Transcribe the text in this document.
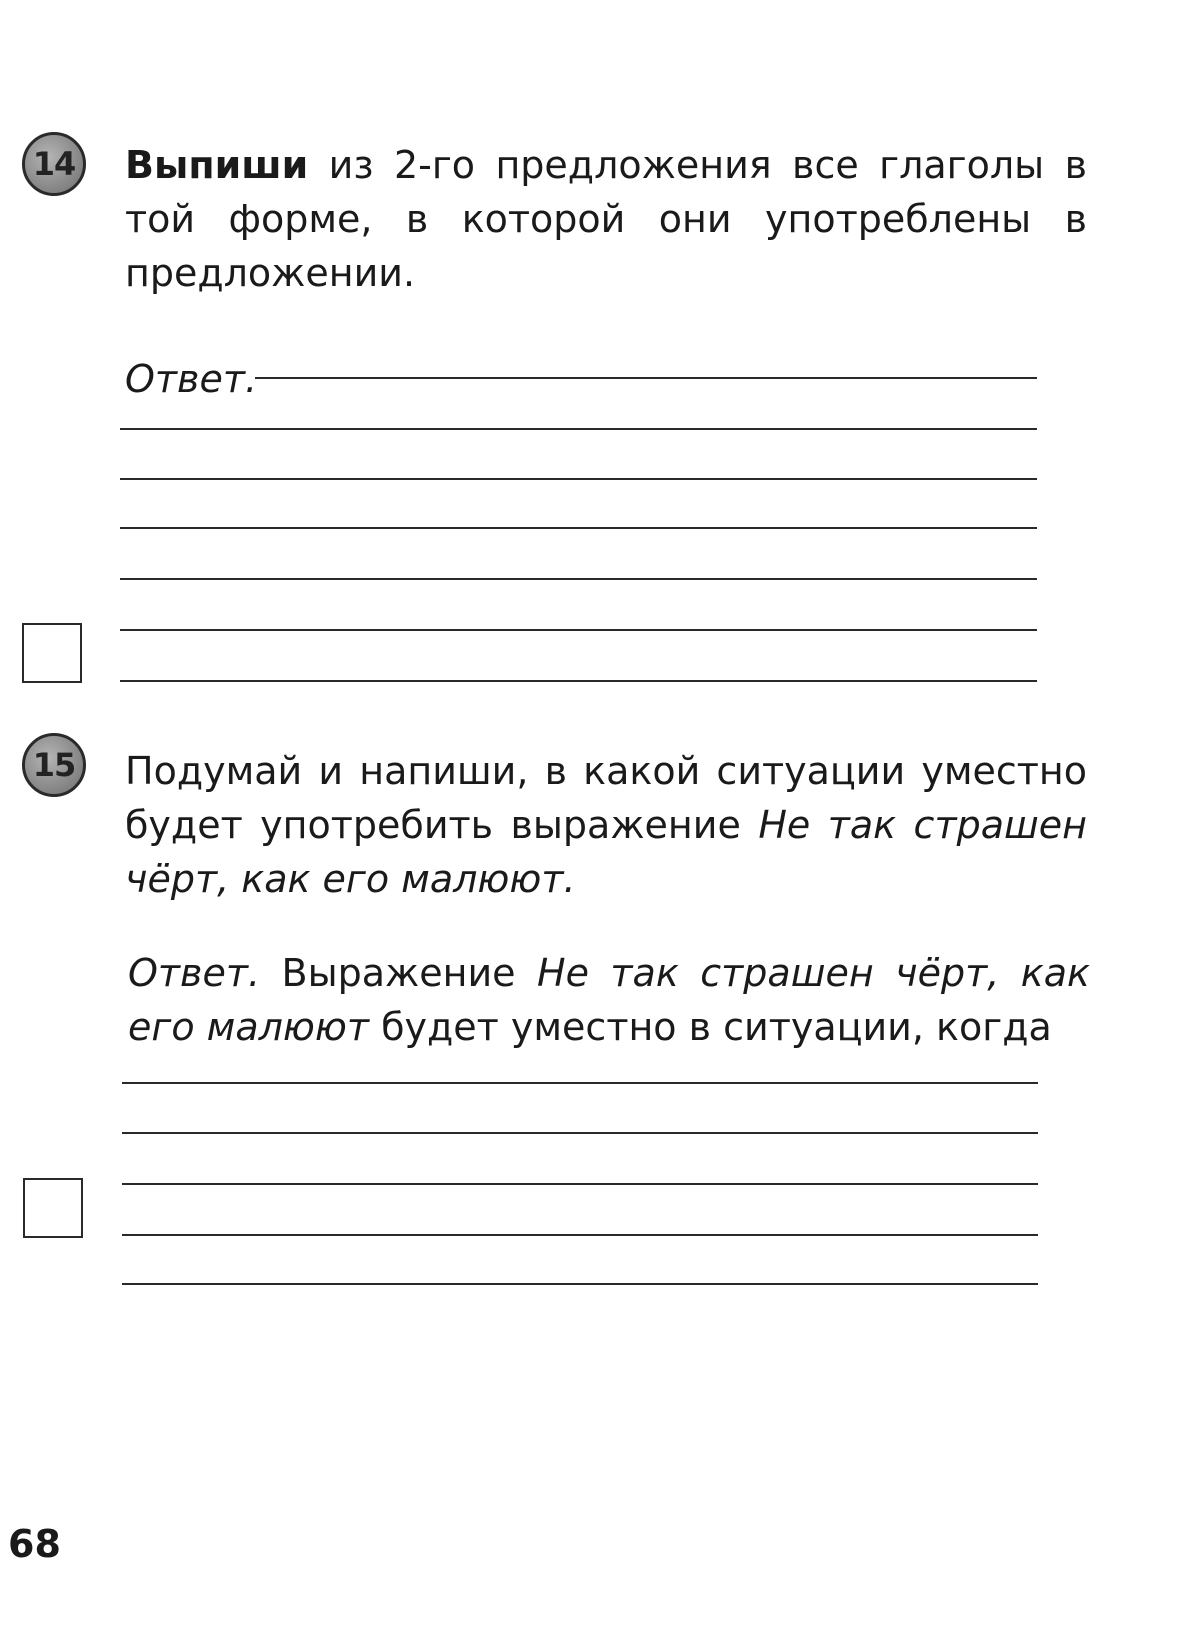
14 Выпиши из 2-го предложения все глаголы в той форме, в которой они употреблены в предложении.

Ответ.
15 Подумай и напиши, в какой ситуации уместно будет употребить выражение Не так страшен чёрт, как его малюют.

Ответ. Выражение Не так страшен чёрт, как его малюют будет уместно в ситуации, когда

68
